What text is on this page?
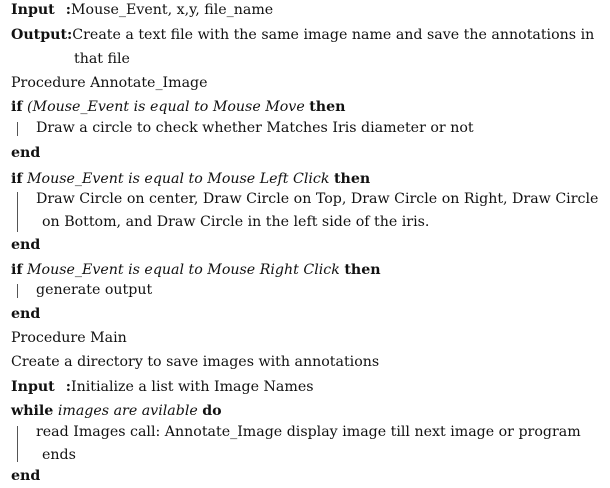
Input :Mouse_Event, x,y, file_name
Output:Create a text file with the same image name and save the annotations in
that file
Procedure Annotate_Image
if (Mouse_Event is equal to Mouse Move then
Draw a circle to check whether Matches Iris diameter or not
end
if Mouse_Event is equal to Mouse Left Click then
Draw Circle on center, Draw Circle on Top, Draw Circle on Right, Draw Circle
on Bottom, and Draw Circle in the left side of the iris.
end
if Mouse_Event is equal to Mouse Right Click then
generate output
end
Procedure Main
Create a directory to save images with annotations
Input :Initialize a list with Image Names
while images are avilable do
read Images call: Annotate_Image display image till next image or program
ends
end
